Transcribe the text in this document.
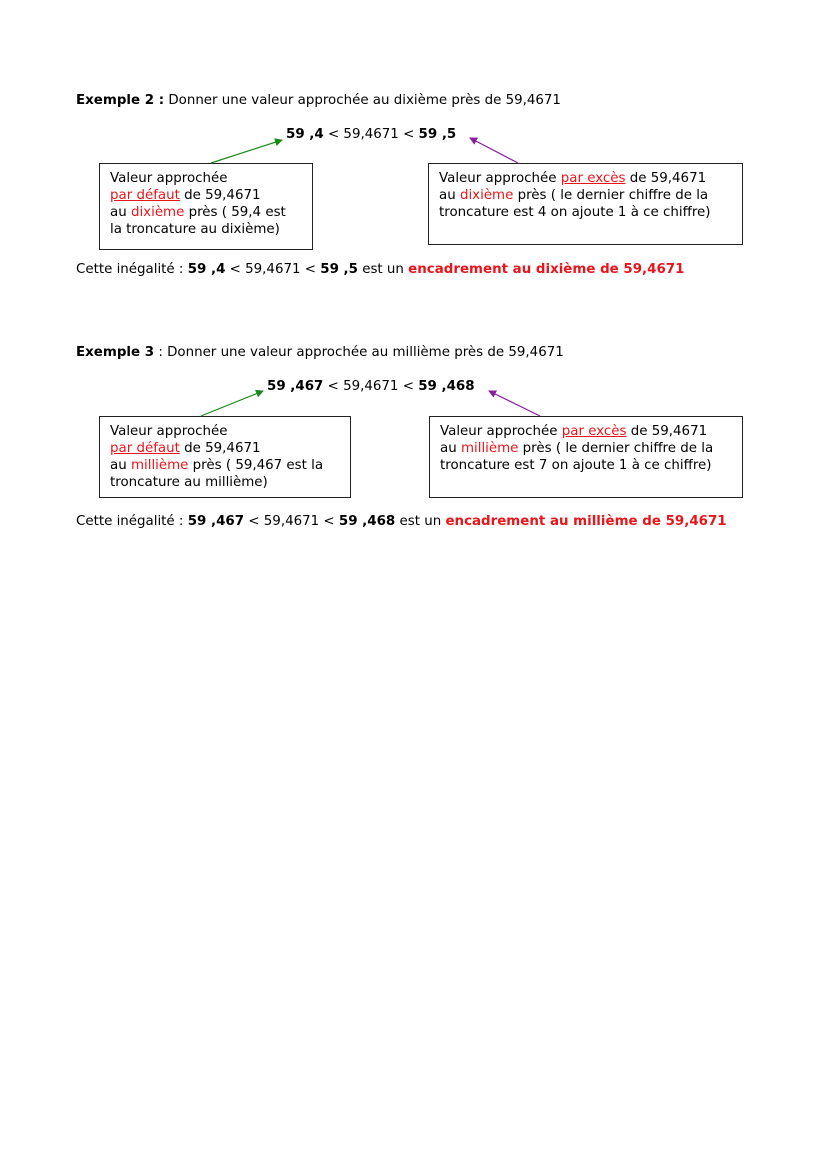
Exemple 2 : Donner une valeur approchée au dixième près de 59,4671
59 ,4 < 59,4671 < 59 ,5
Valeur approchée
par défaut de 59,4671
au dixième près ( 59,4 est
la troncature au dixième)
Valeur approchée par excès de 59,4671
au dixième près ( le dernier chiffre de la
troncature est 4 on ajoute 1 à ce chiffre)
Cette inégalité : 59 ,4 < 59,4671 < 59 ,5 est un encadrement au dixième de 59,4671
Exemple 3 : Donner une valeur approchée au millième près de 59,4671
59 ,467 < 59,4671 < 59 ,468
Valeur approchée
par défaut de 59,4671
au millième près ( 59,467 est la
troncature au millième)
Valeur approchée par excès de 59,4671
au millième près ( le dernier chiffre de la
troncature est 7 on ajoute 1 à ce chiffre)
Cette inégalité : 59 ,467 < 59,4671 < 59 ,468 est un encadrement au millième de 59,4671
